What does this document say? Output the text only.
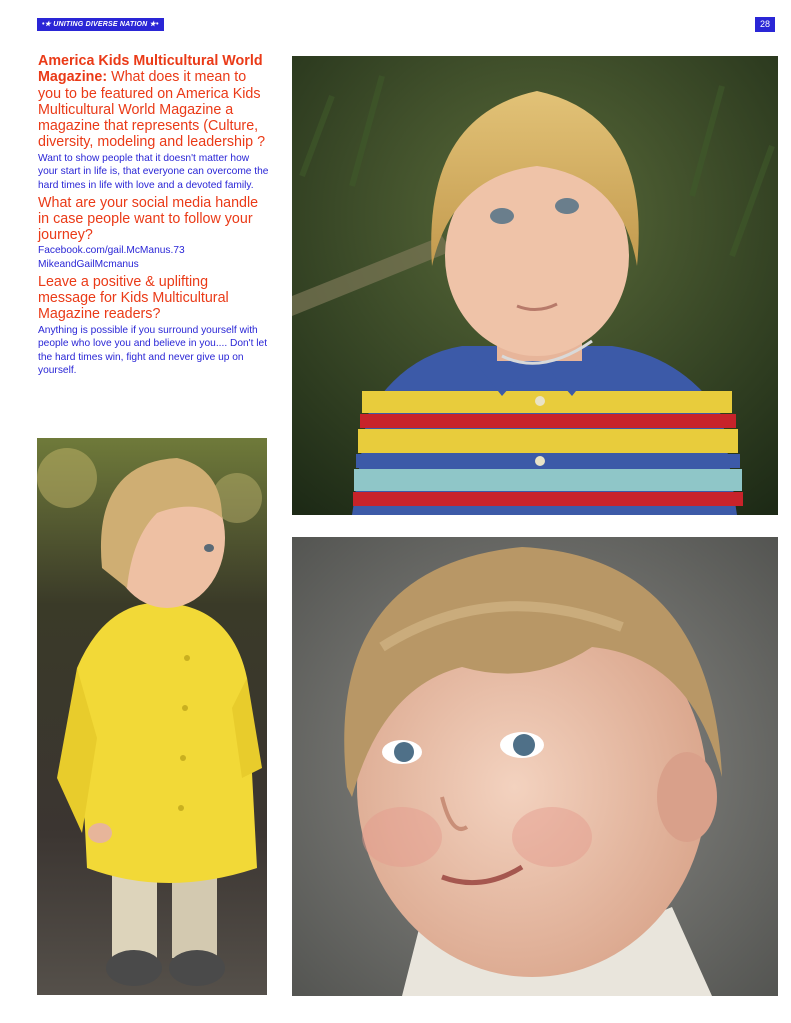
•★ UNITING DIVERSE NATION ★•	28

America Kids Multicultural World Magazine: What does it mean to you to be featured on America Kids Multicultural World Magazine a magazine that represents (Culture, diversity, modeling and leadership ?

Want to show people that it doesn't matter how your start in life is, that everyone can overcome the hard times in life with love and a devoted family.

What are your social media handle in case people want to follow your journey?

Facebook.com/gail.McManus.73
MikeandGailMcmanus

Leave a positive & uplifting message for Kids Multicultural Magazine readers?

Anything is possible if you surround yourself with people who love you and believe in you.... Don't let the hard times win, fight and never give up on yourself.
